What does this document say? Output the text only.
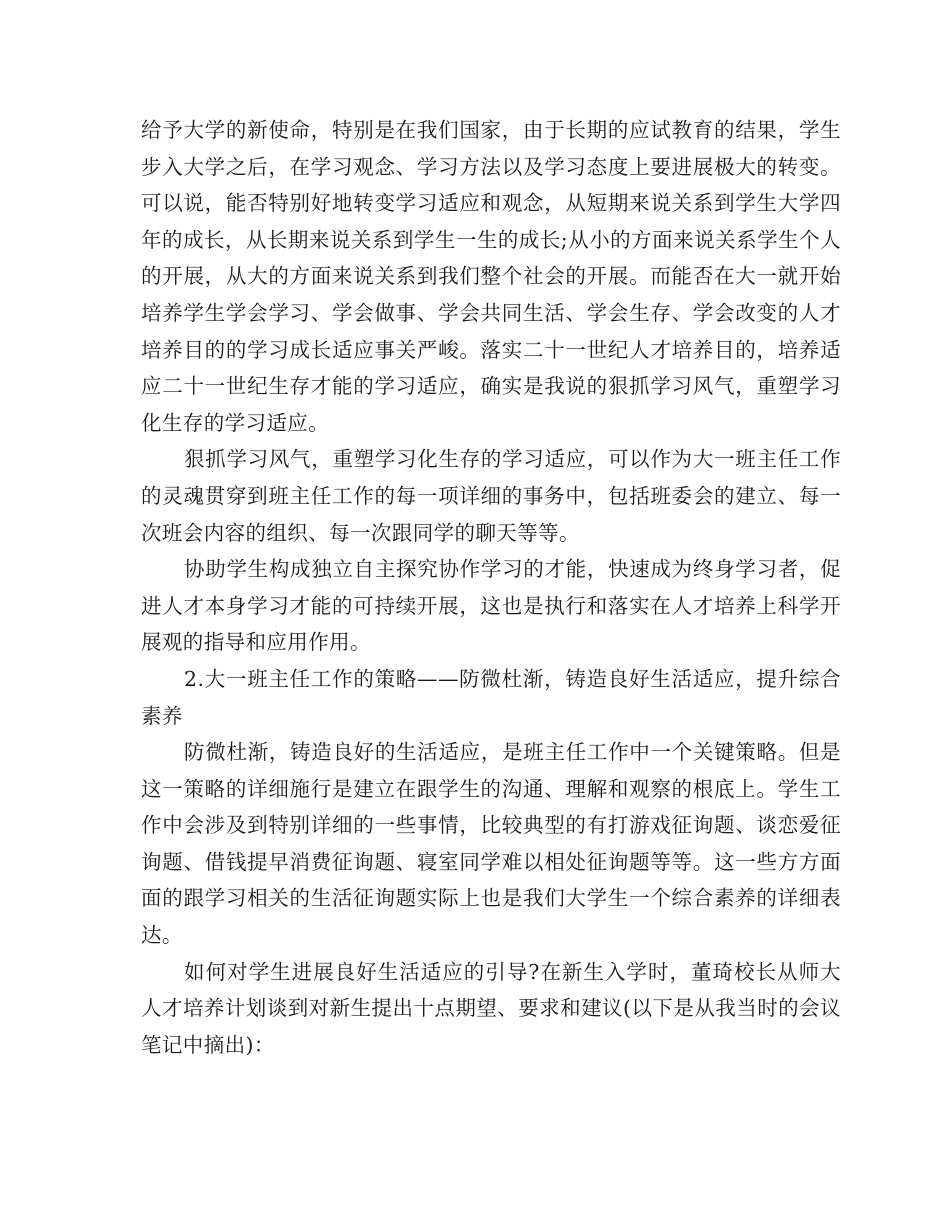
给予大学的新使命，特别是在我们国家，由于长期的应试教育的结果，学生步入大学之后，在学习观念、学习方法以及学习态度上要进展极大的转变。可以说，能否特别好地转变学习适应和观念，从短期来说关系到学生大学四年的成长，从长期来说关系到学生一生的成长;从小的方面来说关系学生个人的开展，从大的方面来说关系到我们整个社会的开展。而能否在大一就开始培养学生学会学习、学会做事、学会共同生活、学会生存、学会改变的人才培养目的的学习成长适应事关严峻。落实二十一世纪人才培养目的，培养适应二十一世纪生存才能的学习适应，确实是我说的狠抓学习风气，重塑学习化生存的学习适应。

狠抓学习风气，重塑学习化生存的学习适应，可以作为大一班主任工作的灵魂贯穿到班主任工作的每一项详细的事务中，包括班委会的建立、每一次班会内容的组织、每一次跟同学的聊天等等。

协助学生构成独立自主探究协作学习的才能，快速成为终身学习者，促进人才本身学习才能的可持续开展，这也是执行和落实在人才培养上科学开展观的指导和应用作用。

2.大一班主任工作的策略——防微杜渐，铸造良好生活适应，提升综合素养

防微杜渐，铸造良好的生活适应，是班主任工作中一个关键策略。但是这一策略的详细施行是建立在跟学生的沟通、理解和观察的根底上。学生工作中会涉及到特别详细的一些事情，比较典型的有打游戏征询题、谈恋爱征询题、借钱提早消费征询题、寝室同学难以相处征询题等等。这一些方方面面的跟学习相关的生活征询题实际上也是我们大学生一个综合素养的详细表达。

如何对学生进展良好生活适应的引导?在新生入学时，董琦校长从师大人才培养计划谈到对新生提出十点期望、要求和建议(以下是从我当时的会议笔记中摘出)：
